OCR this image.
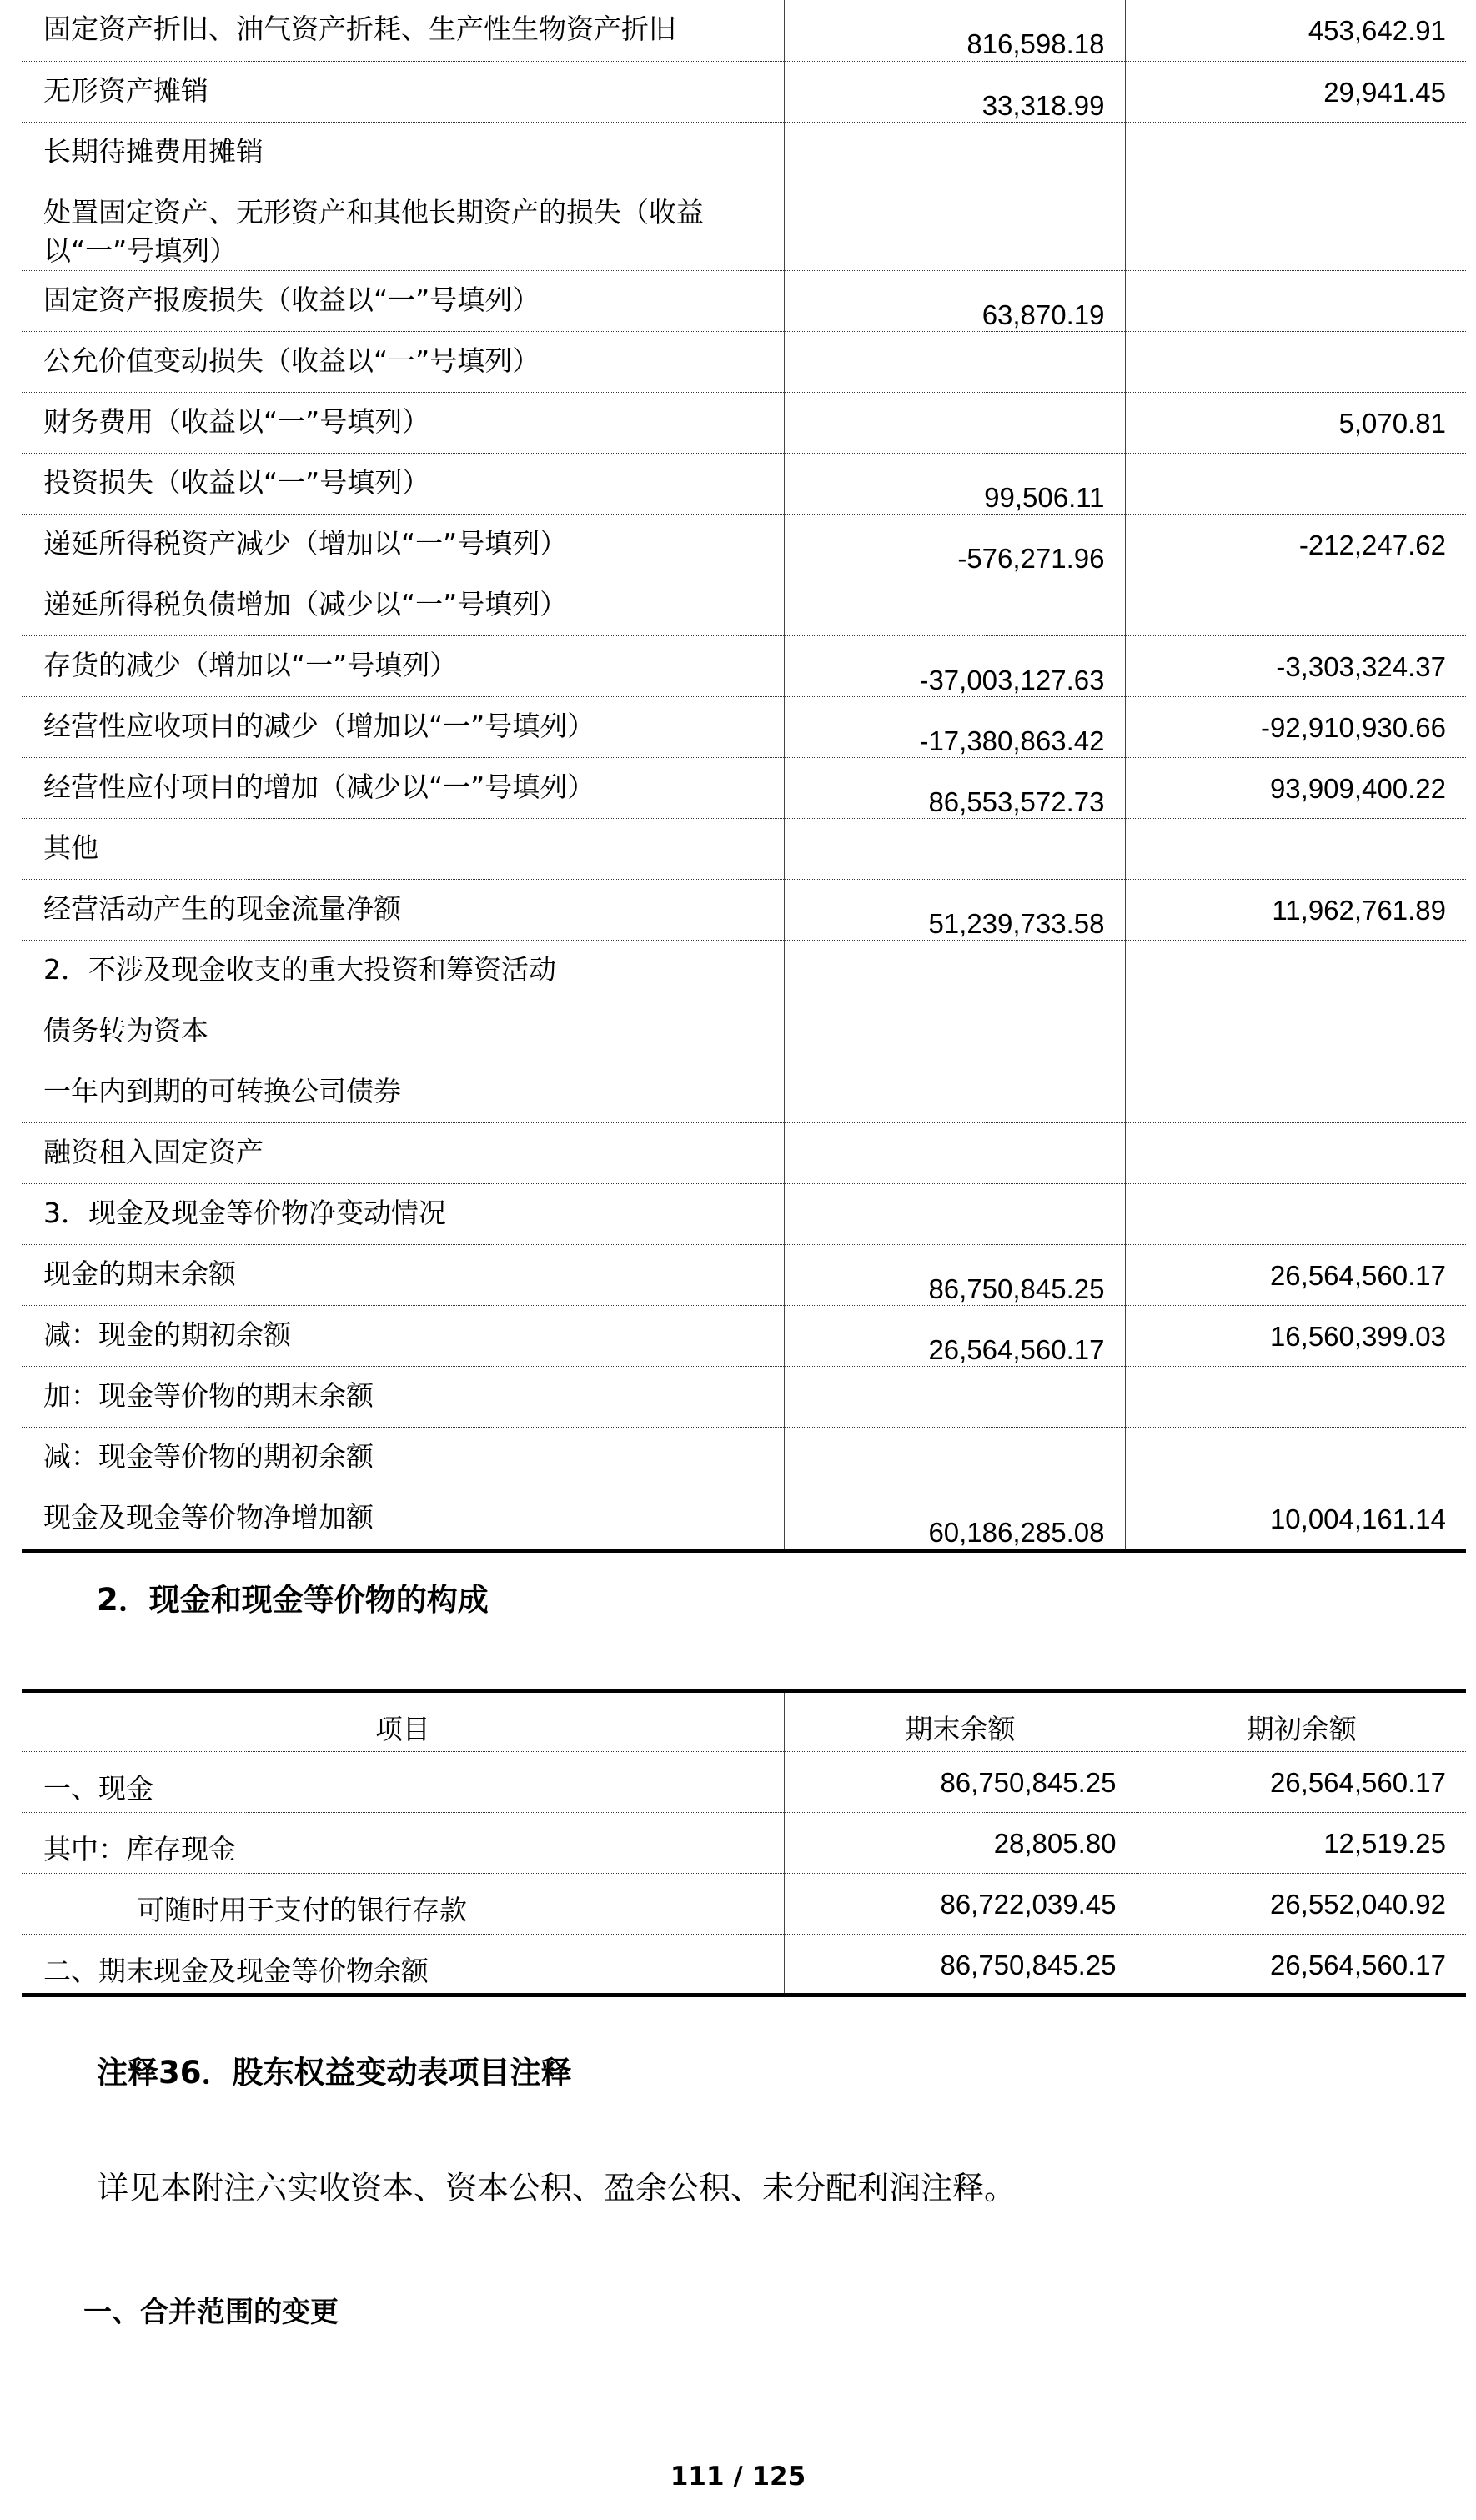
固定资产折旧、油气资产折耗、生产性生物资产折旧	816,598.18	453,642.91

无形资产摊销	33,318.99	29,941.45

长期待摊费用摊销	

处置固定资产、无形资产和其他长期资产的损失（收益以“一”号填列）	

固定资产报废损失（收益以“一”号填列）	63,870.19	

公允价值变动损失（收益以“一”号填列）	

财务费用（收益以“一”号填列）		5,070.81

投资损失（收益以“一”号填列）	99,506.11	

递延所得税资产减少（增加以“一”号填列）	-576,271.96	-212,247.62

递延所得税负债增加（减少以“一”号填列）	

存货的减少（增加以“一”号填列）	-37,003,127.63	-3,303,324.37

经营性应收项目的减少（增加以“一”号填列）	-17,380,863.42	-92,910,930.66

经营性应付项目的增加（减少以“一”号填列）	86,553,572.73	93,909,400.22

其他	

经营活动产生的现金流量净额	51,239,733.58	11,962,761.89

2．不涉及现金收支的重大投资和筹资活动	

债务转为资本	

一年内到期的可转换公司债券	

融资租入固定资产	

3．现金及现金等价物净变动情况	

现金的期末余额	86,750,845.25	26,564,560.17

减：现金的期初余额	26,564,560.17	16,560,399.03

加：现金等价物的期末余额	

减：现金等价物的期初余额	

现金及现金等价物净增加额	60,186,285.08	10,004,161.14
2．现金和现金等价物的构成
项目	期末余额	期初余额
一、现金	86,750,845.25	26,564,560.17
其中：库存现金	28,805.80	12,519.25
可随时用于支付的银行存款	86,722,039.45	26,552,040.92
二、期末现金及现金等价物余额	86,750,845.25	26,564,560.17
注释36．股东权益变动表项目注释
详见本附注六实收资本、资本公积、盈余公积、未分配利润注释。
一、合并范围的变更
111 / 125
